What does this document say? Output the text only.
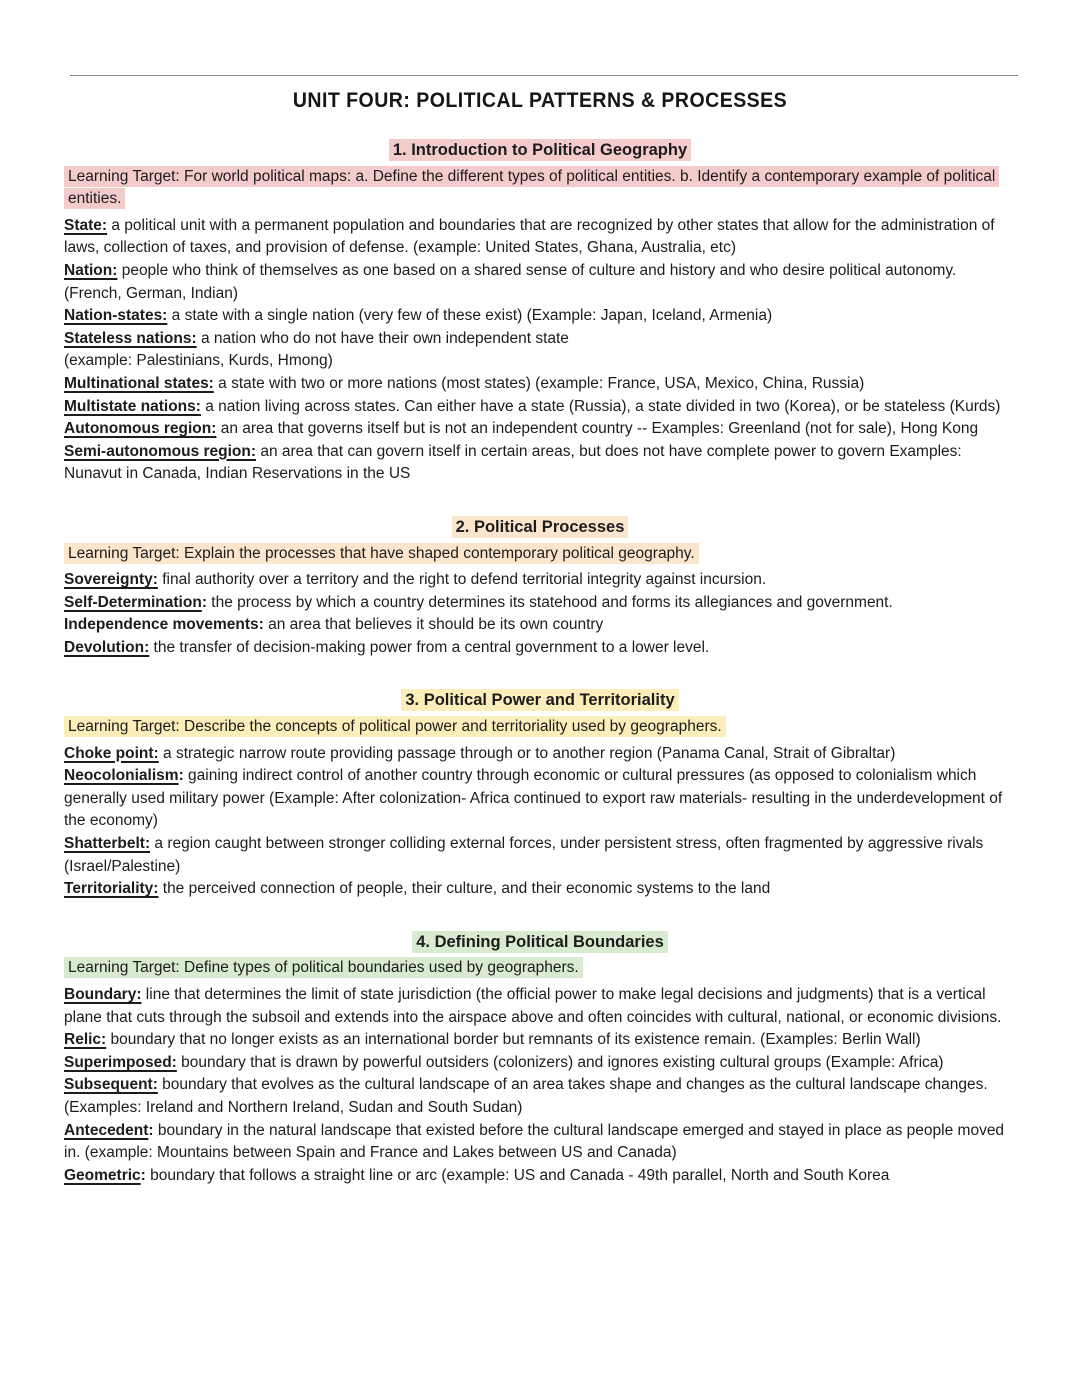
UNIT FOUR: POLITICAL PATTERNS & PROCESSES
1. Introduction to Political Geography

Learning Target: For world political maps: a. Define the different types of political entities. b. Identify a contemporary example of political entities.

State: a political unit with a permanent population and boundaries that are recognized by other states that allow for the administration of laws, collection of taxes, and provision of defense. (example: United States, Ghana, Australia, etc)

Nation: people who think of themselves as one based on a shared sense of culture and history and who desire political autonomy. (French, German, Indian)

Nation-states: a state with a single nation (very few of these exist) (Example: Japan, Iceland, Armenia)

Stateless nations: a nation who do not have their own independent state

(example: Palestinians, Kurds, Hmong)

Multinational states: a state with two or more nations (most states) (example: France, USA, Mexico, China, Russia)

Multistate nations: a nation living across states. Can either have a state (Russia), a state divided in two (Korea), or be stateless (Kurds)

Autonomous region: an area that governs itself but is not an independent country -- Examples: Greenland (not for sale), Hong Kong

Semi-autonomous region: an area that can govern itself in certain areas, but does not have complete power to govern Examples: Nunavut in Canada, Indian Reservations in the US

2. Political Processes

Learning Target: Explain the processes that have shaped contemporary political geography.

Sovereignty: final authority over a territory and the right to defend territorial integrity against incursion.

Self-Determination: the process by which a country determines its statehood and forms its allegiances and government.

Independence movements: an area that believes it should be its own country

Devolution: the transfer of decision-making power from a central government to a lower level.

3. Political Power and Territoriality

Learning Target: Describe the concepts of political power and territoriality used by geographers.

Choke point: a strategic narrow route providing passage through or to another region (Panama Canal, Strait of Gibraltar)

Neocolonialism: gaining indirect control of another country through economic or cultural pressures (as opposed to colonialism which generally used military power (Example: After colonization- Africa continued to export raw materials- resulting in the underdevelopment of the economy)

Shatterbelt: a region caught between stronger colliding external forces, under persistent stress, often fragmented by aggressive rivals (Israel/Palestine)

Territoriality: the perceived connection of people, their culture, and their economic systems to the land

4. Defining Political Boundaries

Learning Target: Define types of political boundaries used by geographers.

Boundary: line that determines the limit of state jurisdiction (the official power to make legal decisions and judgments) that is a vertical plane that cuts through the subsoil and extends into the airspace above and often coincides with cultural, national, or economic divisions.

Relic: boundary that no longer exists as an international border but remnants of its existence remain. (Examples: Berlin Wall)

Superimposed: boundary that is drawn by powerful outsiders (colonizers) and ignores existing cultural groups (Example: Africa)

Subsequent: boundary that evolves as the cultural landscape of an area takes shape and changes as the cultural landscape changes.

(Examples: Ireland and Northern Ireland, Sudan and South Sudan)

Antecedent: boundary in the natural landscape that existed before the cultural landscape emerged and stayed in place as people moved in. (example: Mountains between Spain and France and Lakes between US and Canada)

Geometric: boundary that follows a straight line or arc (example: US and Canada - 49th parallel, North and South Korea
